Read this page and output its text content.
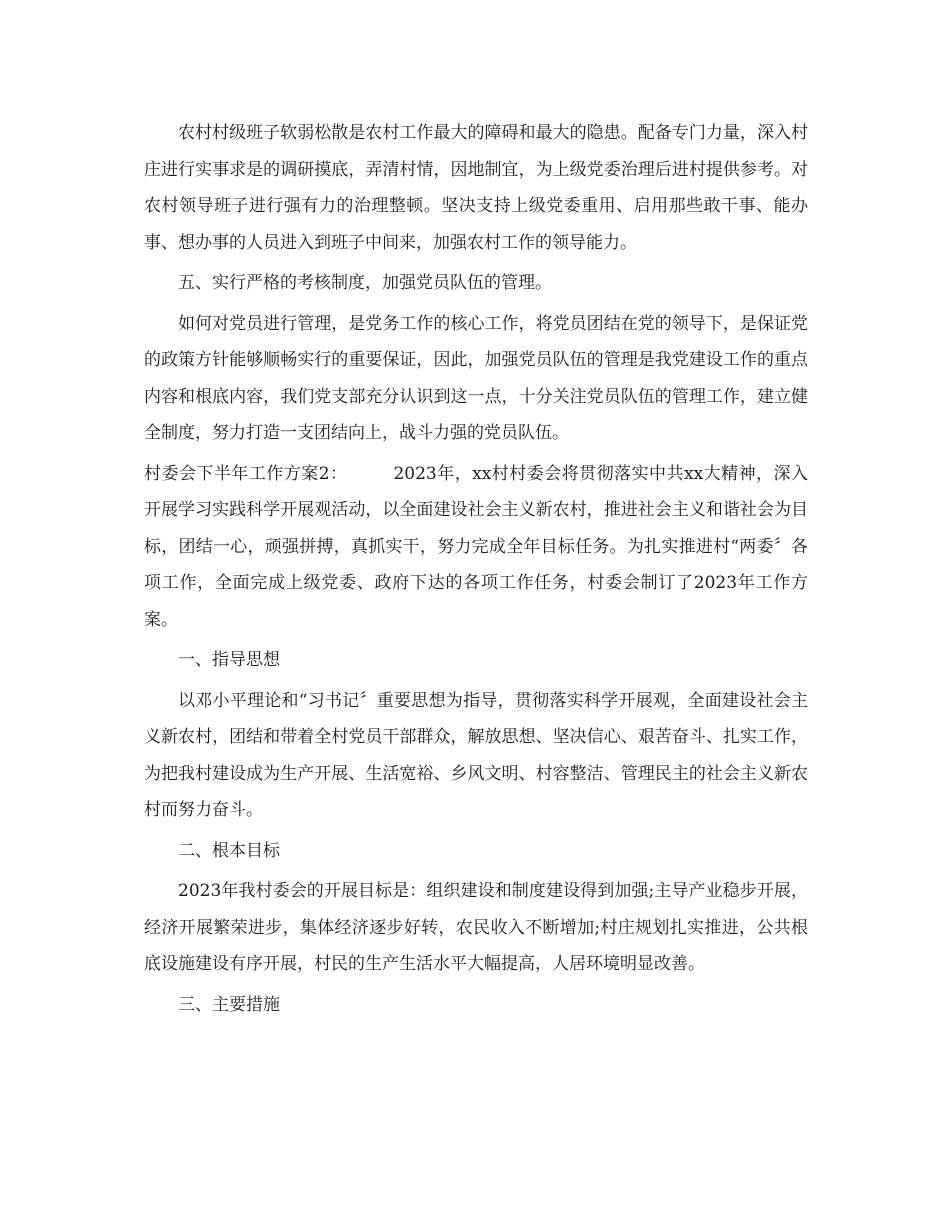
农村村级班子软弱松散是农村工作最大的障碍和最大的隐患。配备专门力量，深入村庄进行实事求是的调研摸底，弄清村情，因地制宜，为上级党委治理后进村提供参考。对农村领导班子进行强有力的治理整顿。坚决支持上级党委重用、启用那些敢干事、能办事、想办事的人员进入到班子中间来，加强农村工作的领导能力。

五、实行严格的考核制度，加强党员队伍的管理。

如何对党员进行管理，是党务工作的核心工作，将党员团结在党的领导下，是保证党的政策方针能够顺畅实行的重要保证，因此，加强党员队伍的管理是我党建设工作的重点内容和根底内容，我们党支部充分认识到这一点，十分关注党员队伍的管理工作，建立健全制度，努力打造一支团结向上，战斗力强的党员队伍。

村委会下半年工作方案2：	2023年，xx村村委会将贯彻落实中共xx大精神，深入开展学习实践科学开展观活动，以全面建设社会主义新农村，推进社会主义和谐社会为目标，团结一心，顽强拼搏，真抓实干，努力完成全年目标任务。为扎实推进村“两委〞各项工作，全面完成上级党委、政府下达的各项工作任务，村委会制订了2023年工作方案。

一、指导思想

以邓小平理论和“习书记〞重要思想为指导，贯彻落实科学开展观，全面建设社会主义新农村，团结和带着全村党员干部群众，解放思想、坚决信心、艰苦奋斗、扎实工作，为把我村建设成为生产开展、生活宽裕、乡风文明、村容整洁、管理民主的社会主义新农村而努力奋斗。

二、根本目标

2023年我村委会的开展目标是：组织建设和制度建设得到加强;主导产业稳步开展，经济开展繁荣进步，集体经济逐步好转，农民收入不断增加;村庄规划扎实推进，公共根底设施建设有序开展，村民的生产生活水平大幅提高，人居环境明显改善。

三、主要措施
